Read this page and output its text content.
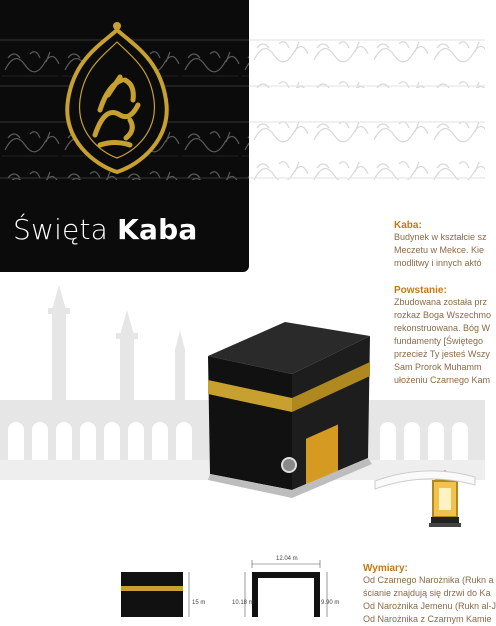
Święta Kaba	Kaba:
Budynek w kształcie sz
Meczetu w Mekce. Kie
modlitwy i innych aktó
Powstanie:
Zbudowana została prz
rozkaz Boga Wszechmo
rekonstruowana. Bóg W
fundamenty [Świętego
przecież Ty jesteś Wszy
Sam Prorok Muhamm
ułożeniu Czarnego Kam
Wymiary:
Od Czarnego Narożnika (Rukn a
ścianie znajdują się drzwi do Ka
Od Narożnika Jemenu (Rukn al-J
Od Narożnika z Czarnym Kamie
15 m
12.04 m
10.18 m	9.90 m
